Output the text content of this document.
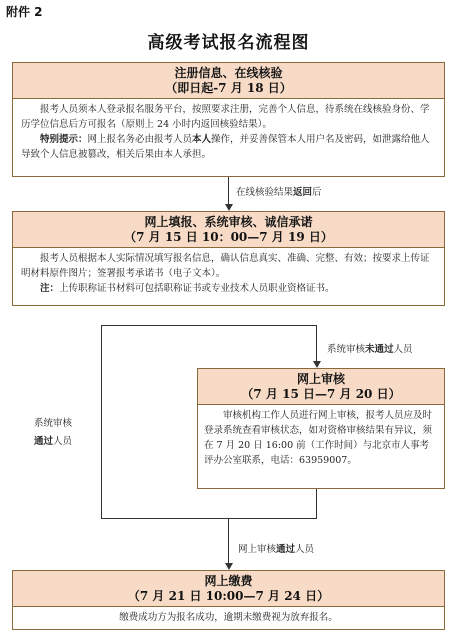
附件 2
高级考试报名流程图
注册信息、在线核验
（即日起-7 月 18 日）
报考人员须本人登录报名服务平台，按照要求注册，完善个人信息，待系统在线核验身份、学历学位信息后方可报名（原则上 24 小时内返回核验结果）。
特别提示：网上报名务必由报考人员本人操作，并妥善保管本人用户名及密码，如泄露给他人导致个人信息被篡改，相关后果由本人承担。
在线核验结果返回后
网上填报、系统审核、诚信承诺
（7 月 15 日 10：00—7 月 19 日）
报考人员根据本人实际情况填写报名信息，确认信息真实、准确、完整、有效；按要求上传证明材料原件图片；签署报考承诺书（电子文本）。
注：上传职称证书材料可包括职称证书或专业技术人员职业资格证书。
系统审核未通过人员
系统审核
通过人员
网上审核
（7 月 15 日—7 月 20 日）
审核机构工作人员进行网上审核，报考人员应及时登录系统查看审核状态，如对资格审核结果有异议，须在 7 月 20 日 16:00 前（工作时间）与北京市人事考评办公室联系，电话：63959007。
网上审核通过人员
网上缴费
（7 月 21 日 10:00—7 月 24 日）
缴费成功方为报名成功，逾期未缴费视为放弃报名。
